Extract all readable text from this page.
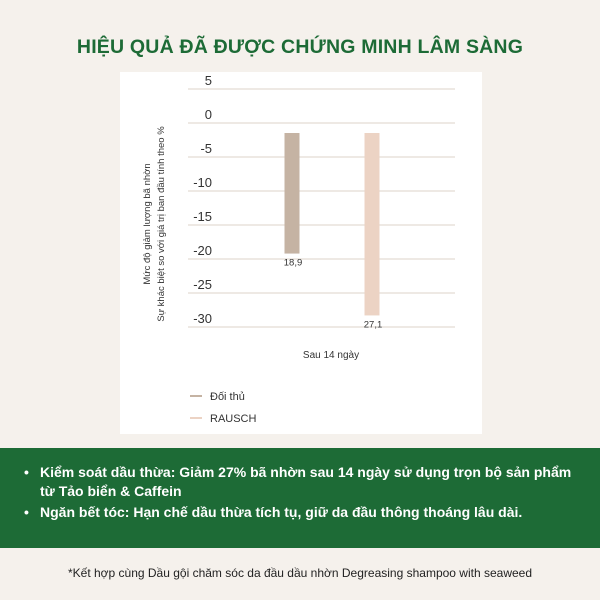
HIỆU QUẢ ĐÃ ĐƯỢC CHỨNG MINH LÂM SÀNG
5
0
-5
-10
-15
-20
-25
-30
18,9
27,1
Mức độ giảm lượng bã nhờn Sự khác biệt so với giá trị ban đầu tính theo %
Sau 14 ngày
Đối thủ
RAUSCH
• Kiểm soát dầu thừa: Giảm 27% bã nhờn sau 14 ngày sử dụng trọn bộ sản phẩm từ Tảo biển & Caffein
• Ngăn bết tóc: Hạn chế dầu thừa tích tụ, giữ da đầu thông thoáng lâu dài.
*Kết hợp cùng Dầu gội chăm sóc da đầu dầu nhờn Degreasing shampoo with seaweed
